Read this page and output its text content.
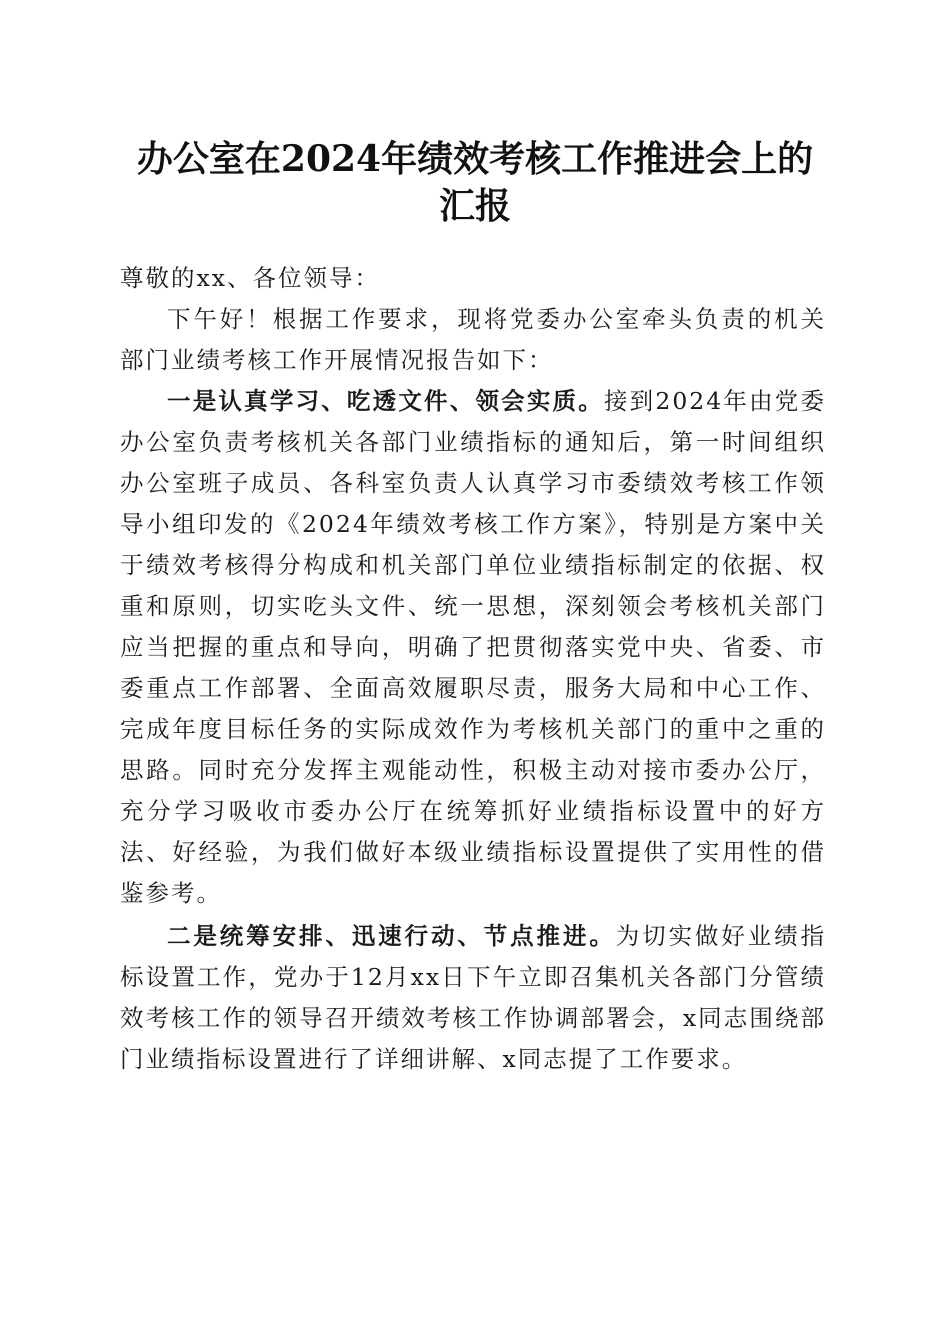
办公室在2024年绩效考核工作推进会上的汇报

尊敬的xx、各位领导：

下午好！根据工作要求，现将党委办公室牵头负责的机关部门业绩考核工作开展情况报告如下：

一是认真学习、吃透文件、领会实质。接到2024年由党委办公室负责考核机关各部门业绩指标的通知后，第一时间组织办公室班子成员、各科室负责人认真学习市委绩效考核工作领导小组印发的《2024年绩效考核工作方案》，特别是方案中关于绩效考核得分构成和机关部门单位业绩指标制定的依据、权重和原则，切实吃头文件、统一思想，深刻领会考核机关部门应当把握的重点和导向，明确了把贯彻落实党中央、省委、市委重点工作部署、全面高效履职尽责，服务大局和中心工作、完成年度目标任务的实际成效作为考核机关部门的重中之重的思路。同时充分发挥主观能动性，积极主动对接市委办公厅，充分学习吸收市委办公厅在统筹抓好业绩指标设置中的好方法、好经验，为我们做好本级业绩指标设置提供了实用性的借鉴参考。

二是统筹安排、迅速行动、节点推进。为切实做好业绩指标设置工作，党办于12月xx日下午立即召集机关各部门分管绩效考核工作的领导召开绩效考核工作协调部署会，x同志围绕部门业绩指标设置进行了详细讲解、x同志提了工作要求。
